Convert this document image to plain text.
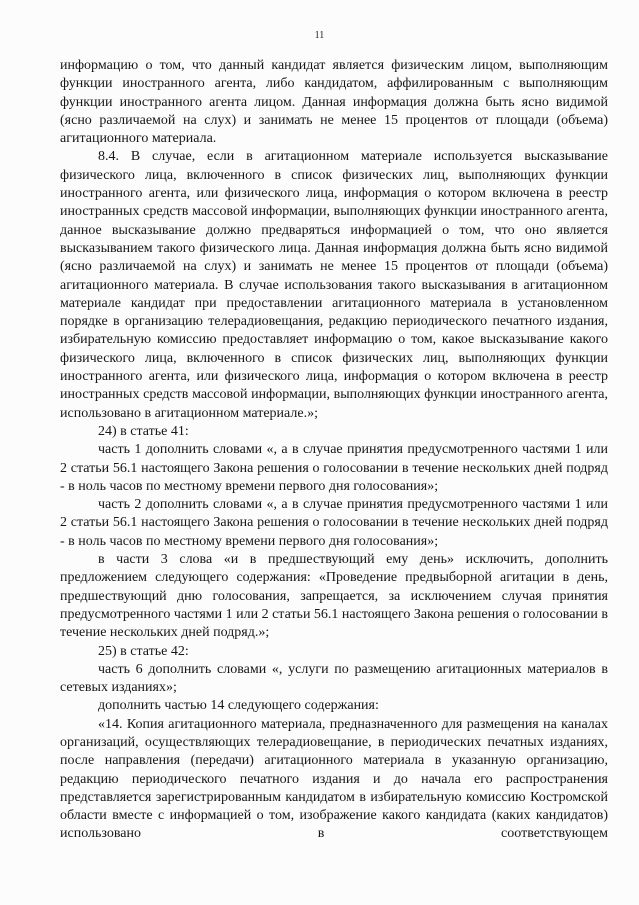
11

информацию о том, что данный кандидат является физическим лицом, выполняющим функции иностранного агента, либо кандидатом, аффилированным с выполняющим функции иностранного агента лицом. Данная информация должна быть ясно видимой (ясно различаемой на слух) и занимать не менее 15 процентов от площади (объема) агитационного материала.

8.4. В случае, если в агитационном материале используется высказывание физического лица, включенного в список физических лиц, выполняющих функции иностранного агента, или физического лица, информация о котором включена в реестр иностранных средств массовой информации, выполняющих функции иностранного агента, данное высказывание должно предваряться информацией о том, что оно является высказыванием такого физического лица. Данная информация должна быть ясно видимой (ясно различаемой на слух) и занимать не менее 15 процентов от площади (объема) агитационного материала. В случае использования такого высказывания в агитационном материале кандидат при предоставлении агитационного материала в установленном порядке в организацию телерадиовещания, редакцию периодического печатного издания, избирательную комиссию предоставляет информацию о том, какое высказывание какого физического лица, включенного в список физических лиц, выполняющих функции иностранного агента, или физического лица, информация о котором включена в реестр иностранных средств массовой информации, выполняющих функции иностранного агента, использовано в агитационном материале.»;

24) в статье 41:

часть 1 дополнить словами «, а в случае принятия предусмотренного частями 1 или 2 статьи 56.1 настоящего Закона решения о голосовании в течение нескольких дней подряд - в ноль часов по местному времени первого дня голосования»;

часть 2 дополнить словами «, а в случае принятия предусмотренного частями 1 или 2 статьи 56.1 настоящего Закона решения о голосовании в течение нескольких дней подряд - в ноль часов по местному времени первого дня голосования»;

в части 3 слова «и в предшествующий ему день» исключить, дополнить предложением следующего содержания: «Проведение предвыборной агитации в день, предшествующий дню голосования, запрещается, за исключением случая принятия предусмотренного частями 1 или 2 статьи 56.1 настоящего Закона решения о голосовании в течение нескольких дней подряд.»;

25) в статье 42:

часть 6 дополнить словами «, услуги по размещению агитационных материалов в сетевых изданиях»;

дополнить частью 14 следующего содержания:

«14. Копия агитационного материала, предназначенного для размещения на каналах организаций, осуществляющих телерадиовещание, в периодических печатных изданиях, после направления (передачи) агитационного материала в указанную организацию, редакцию периодического печатного издания и до начала его распространения представляется зарегистрированным кандидатом в избирательную комиссию Костромской области вместе с информацией о том, изображение какого кандидата (каких кандидатов) использовано в соответствующем
